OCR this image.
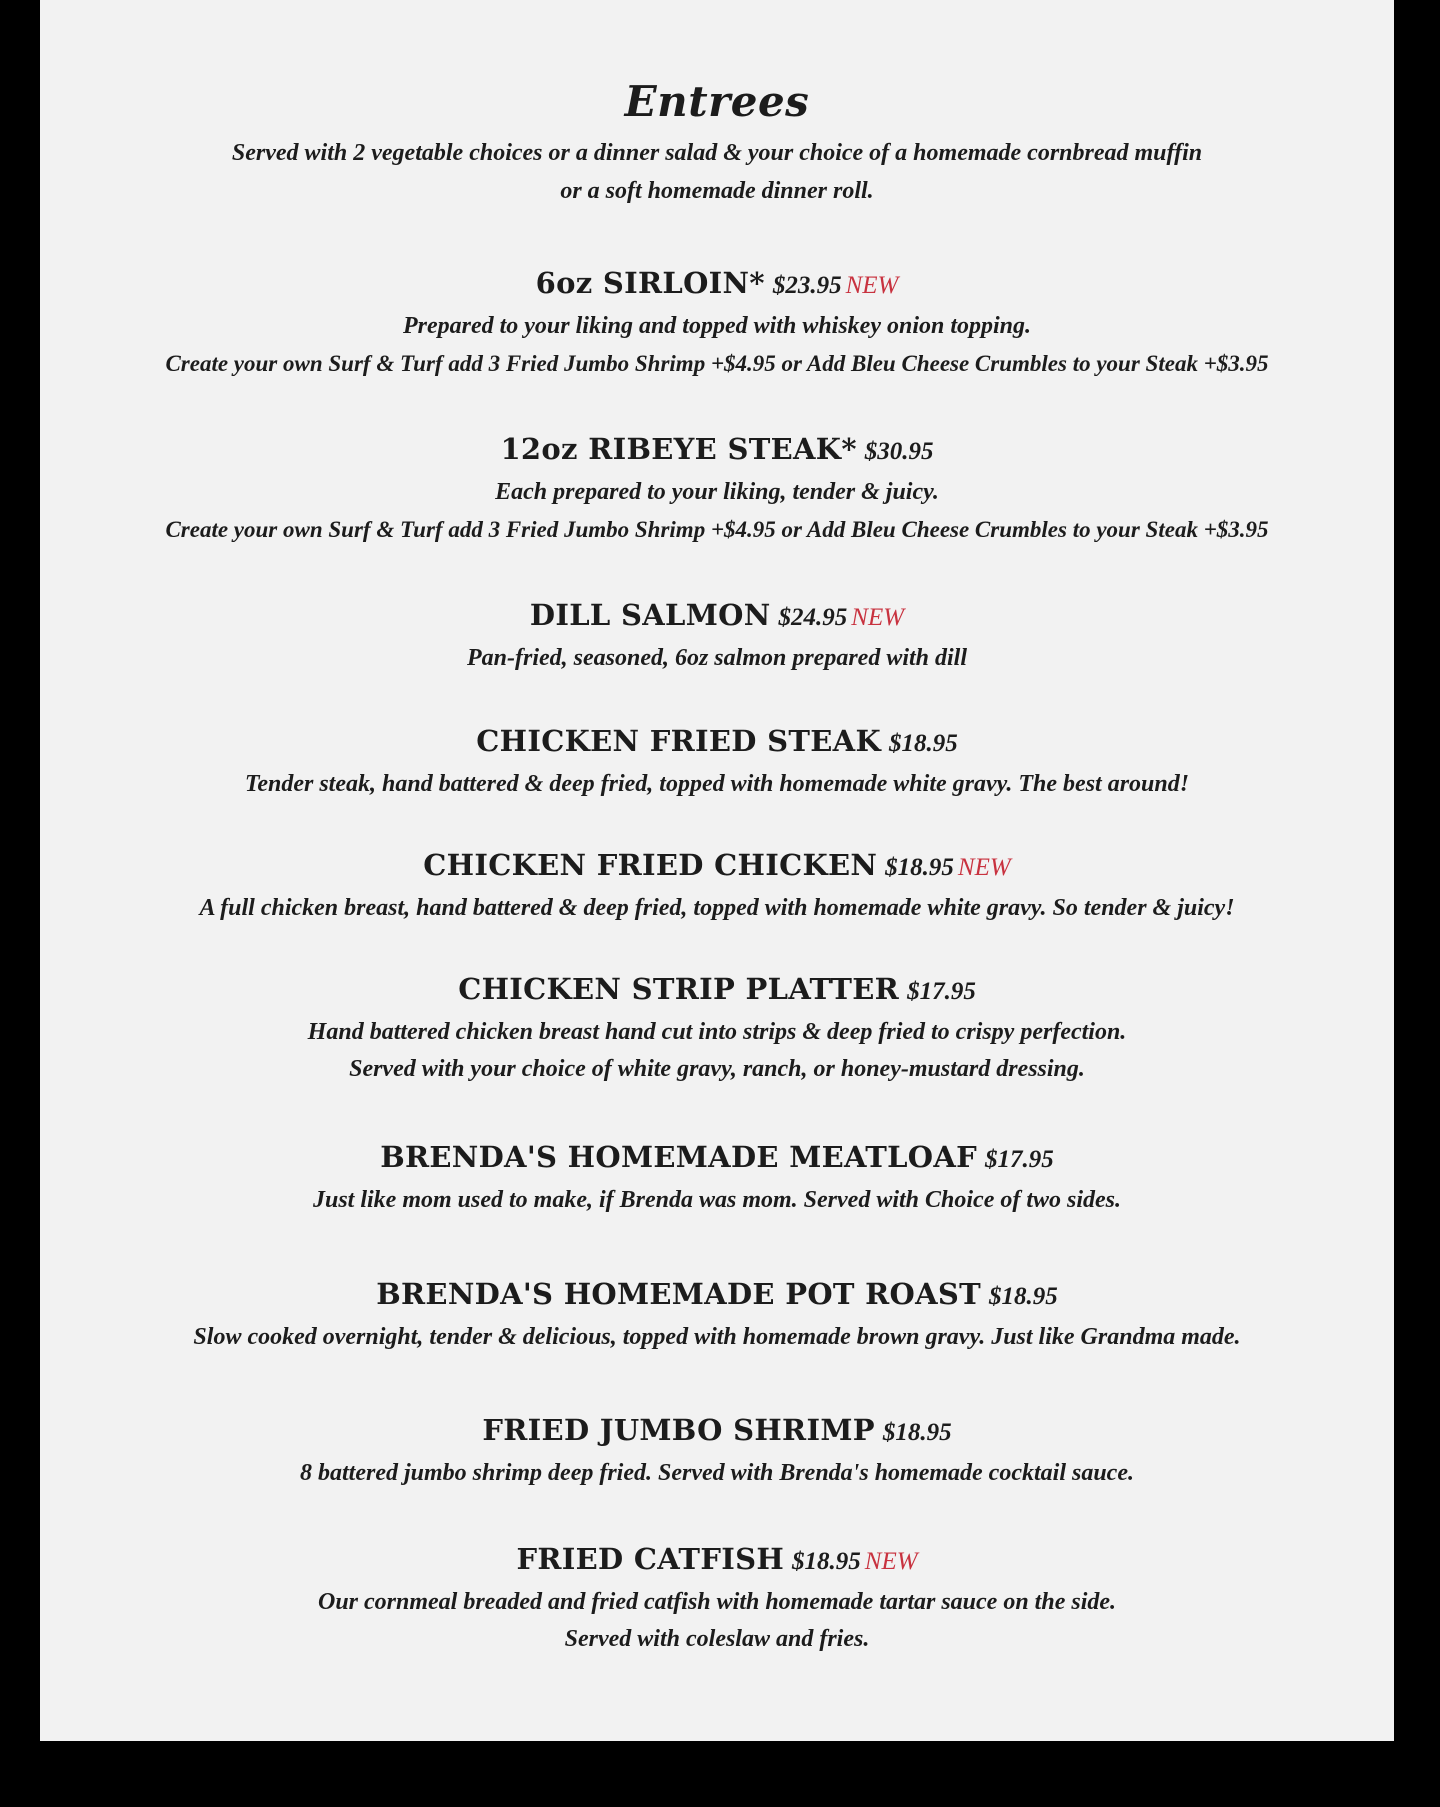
Entrees
Served with 2 vegetable choices or a dinner salad & your choice of a homemade cornbread muffin
or a soft homemade dinner roll.
6oz SIRLOIN* $23.95 NEW
Prepared to your liking and topped with whiskey onion topping.
Create your own Surf & Turf add 3 Fried Jumbo Shrimp +$4.95 or Add Bleu Cheese Crumbles to your Steak +$3.95
12oz RIBEYE STEAK* $30.95
Each prepared to your liking, tender & juicy.
Create your own Surf & Turf add 3 Fried Jumbo Shrimp +$4.95 or Add Bleu Cheese Crumbles to your Steak +$3.95
DILL SALMON $24.95 NEW
Pan-fried, seasoned, 6oz salmon prepared with dill
CHICKEN FRIED STEAK $18.95
Tender steak, hand battered & deep fried, topped with homemade white gravy. The best around!
CHICKEN FRIED CHICKEN $18.95 NEW
A full chicken breast, hand battered & deep fried, topped with homemade white gravy. So tender & juicy!
CHICKEN STRIP PLATTER $17.95
Hand battered chicken breast hand cut into strips & deep fried to crispy perfection.
Served with your choice of white gravy, ranch, or honey-mustard dressing.
BRENDA'S HOMEMADE MEATLOAF $17.95
Just like mom used to make, if Brenda was mom. Served with Choice of two sides.
BRENDA'S HOMEMADE POT ROAST $18.95
Slow cooked overnight, tender & delicious, topped with homemade brown gravy. Just like Grandma made.
FRIED JUMBO SHRIMP $18.95
8 battered jumbo shrimp deep fried. Served with Brenda's homemade cocktail sauce.
FRIED CATFISH $18.95 NEW
Our cornmeal breaded and fried catfish with homemade tartar sauce on the side.
Served with coleslaw and fries.
